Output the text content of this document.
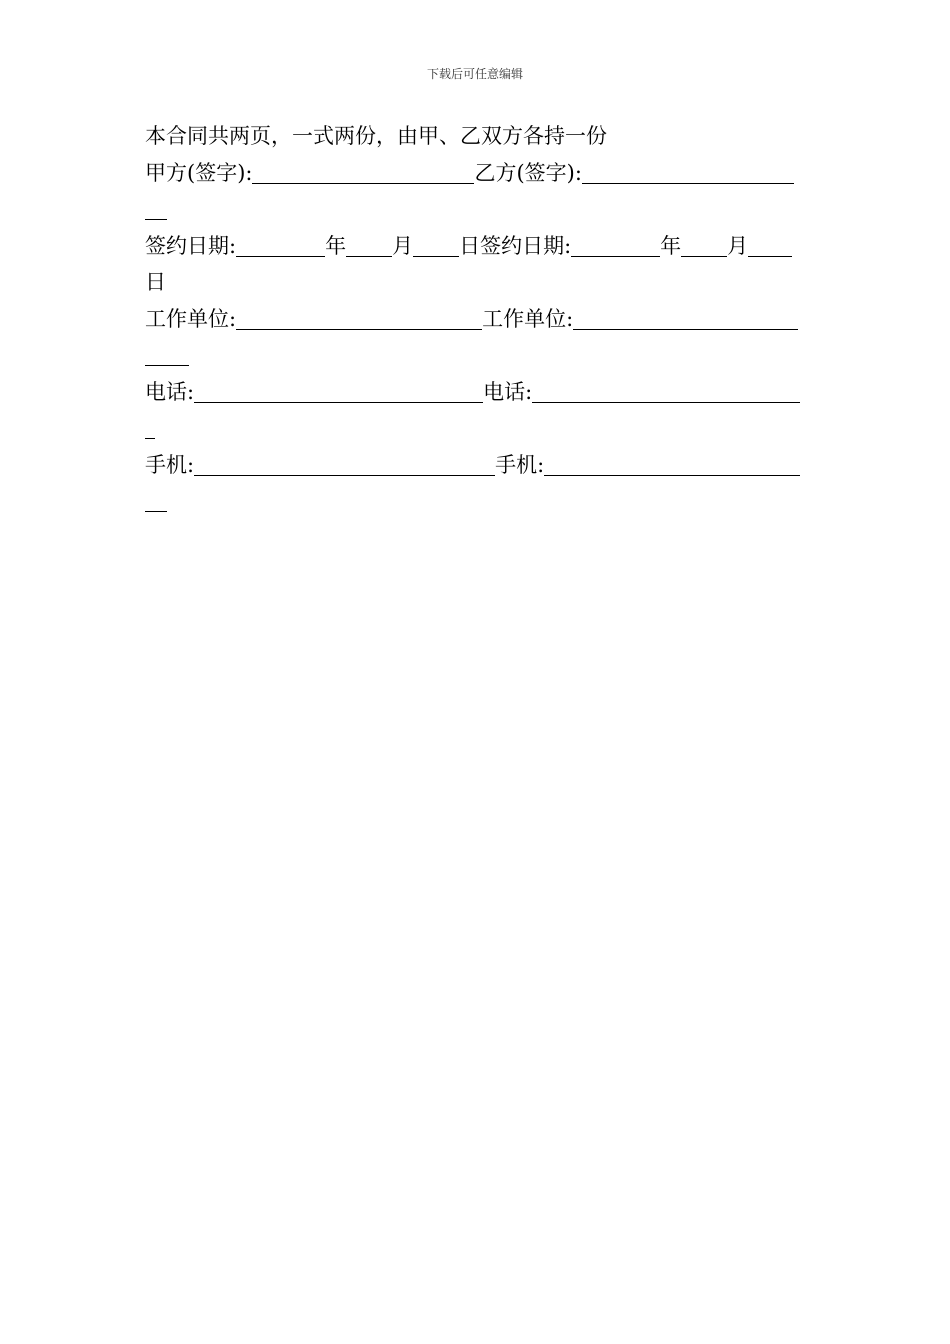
下载后可任意编辑
本合同共两页，一式两份，由甲、乙双方各持一份
甲方(签字):	乙方(签字):
签约日期:	年 月 日签约日期:	年 月
日
工作单位:	工作单位:
电话:	电话:
手机:	手机:
